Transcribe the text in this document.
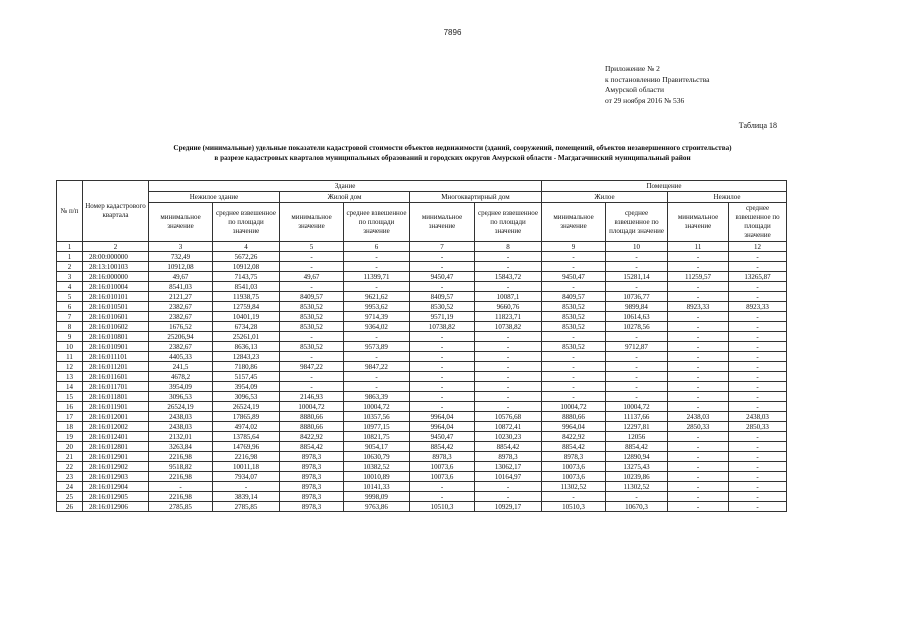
7896
Приложение № 2
к постановлению Правительства
Амурской области
от 29 ноября 2016 № 536
Таблица 18
Средние (минимальные) удельные показатели кадастровой стоимости объектов недвижимости (зданий, сооружений, помещений, объектов незавершенного строительства)
в разрезе кадастровых кварталов муниципальных образований и городских округов Амурской области - Магдагачинский муниципальный район
№ п/п	Номер кадастрового квартала	Здание						Помещение			
		Нежилое здание		Жилой дом		Многоквартирный дом		Жилое		Нежилое	
		минимальное значение	среднее взвешенное по площади значение	минимальное значение	среднее взвешенное по площади значение	минимальное значение	среднее взвешенное по площади значение	минимальное значение	среднее взвешенное по площади значение	минимальное значение	среднее взвешенное по площади значение
1	2	3	4	5	6	7	8	9	10	11	12
1	28:00:000000	732,49	5672,26	-	-	-	-	-	-	-	-
2	28:13:100103	10912,08	10912,08	-	-	-	-	-	-	-	-
3	28:16:000000	49,67	7143,75	49,67	11399,71	9450,47	15843,72	9450,47	15281,14	11259,57	13265,87
4	28:16:010004	8541,03	8541,03	-	-	-	-	-	-	-	-
5	28:16:010101	2121,27	11938,75	8409,57	9621,62	8409,57	10087,1	8409,57	10736,77	-	-
6	28:16:010501	2382,67	12759,84	8530,52	9953,62	8530,52	9660,76	8530,52	9899,84	8923,33	8923,33
7	28:16:010601	2382,67	10401,19	8530,52	9714,39	9571,19	11823,71	8530,52	10614,63	-	-
8	28:16:010602	1676,52	6734,28	8530,52	9364,02	10738,82	10738,82	8530,52	10278,56	-	-
9	28:16:010801	25206,94	25261,01	-	-	-	-	-	-	-	-
10	28:16:010901	2382,67	8636,13	8530,52	9573,89	-	-	8530,52	9712,87	-	-
11	28:16:011101	4405,33	12843,23	-	-	-	-	-	-	-	-
12	28:16:011201	241,5	7180,86	9847,22	9847,22	-	-	-	-	-	-
13	28:16:011601	4678,2	5157,45	-	-	-	-	-	-	-	-
14	28:16:011701	3954,09	3954,09	-	-	-	-	-	-	-	-
15	28:16:011801	3096,53	3096,53	2146,93	9863,39	-	-	-	-	-	-
16	28:16:011901	26524,19	26524,19	10004,72	10004,72	-	-	10004,72	10004,72	-	-
17	28:16:012001	2438,03	17865,89	8880,66	10357,56	9964,04	10576,68	8880,66	11137,66	2438,03	2438,03
18	28:16:012002	2438,03	4974,02	8880,66	10977,15	9964,04	10872,41	9964,04	12297,81	2850,33	2850,33
19	28:16:012401	2132,01	13785,64	8422,92	10821,75	9450,47	10230,23	8422,92	12056	-	-
20	28:16:012801	3263,84	14769,96	8854,42	9054,17	8854,42	8854,42	8854,42	8854,42	-	-
21	28:16:012901	2216,98	2216,98	8978,3	10630,79	8978,3	8978,3	8978,3	12890,94	-	-
22	28:16:012902	9518,82	10011,18	8978,3	10382,52	10073,6	13062,17	10073,6	13275,43	-	-
23	28:16:012903	2216,98	7934,07	8978,3	10010,89	10073,6	10164,97	10073,6	10239,86	-	-
24	28:16:012904	-	-	8978,3	10141,33	-	-	11302,52	11302,52	-	-
25	28:16:012905	2216,98	3839,14	8978,3	9998,09	-	-	-	-	-	-
26	28:16:012906	2785,85	2785,85	8978,3	9763,86	10510,3	10929,17	10510,3	10670,3	-	-
